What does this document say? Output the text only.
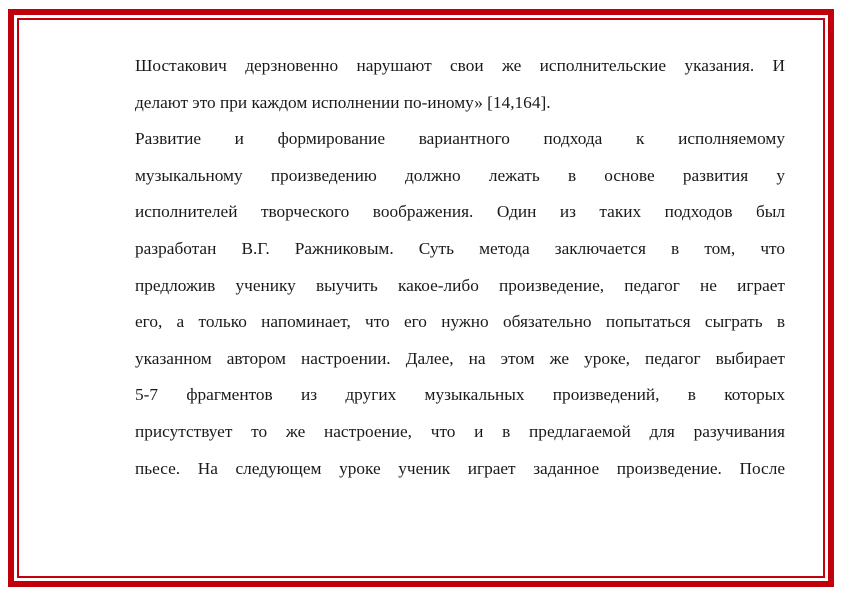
Шостакович дерзновенно нарушают свои же исполнительские указания. И
делают это при каждом исполнении по-иному» [14,164].
Развитие и формирование вариантного подхода к исполняемому
музыкальному произведению должно лежать в основе развития у
исполнителей творческого воображения. Один из таких подходов был
разработан В.Г. Ражниковым. Суть метода заключается в том, что
предложив ученику выучить какое-либо произведение, педагог не играет
его, а только напоминает, что его нужно обязательно попытаться сыграть в
указанном автором настроении. Далее, на этом же уроке, педагог выбирает
5-7 фрагментов из других музыкальных произведений, в которых
присутствует то же настроение, что и в предлагаемой для разучивания
пьесе. На следующем уроке ученик играет заданное произведение. После
